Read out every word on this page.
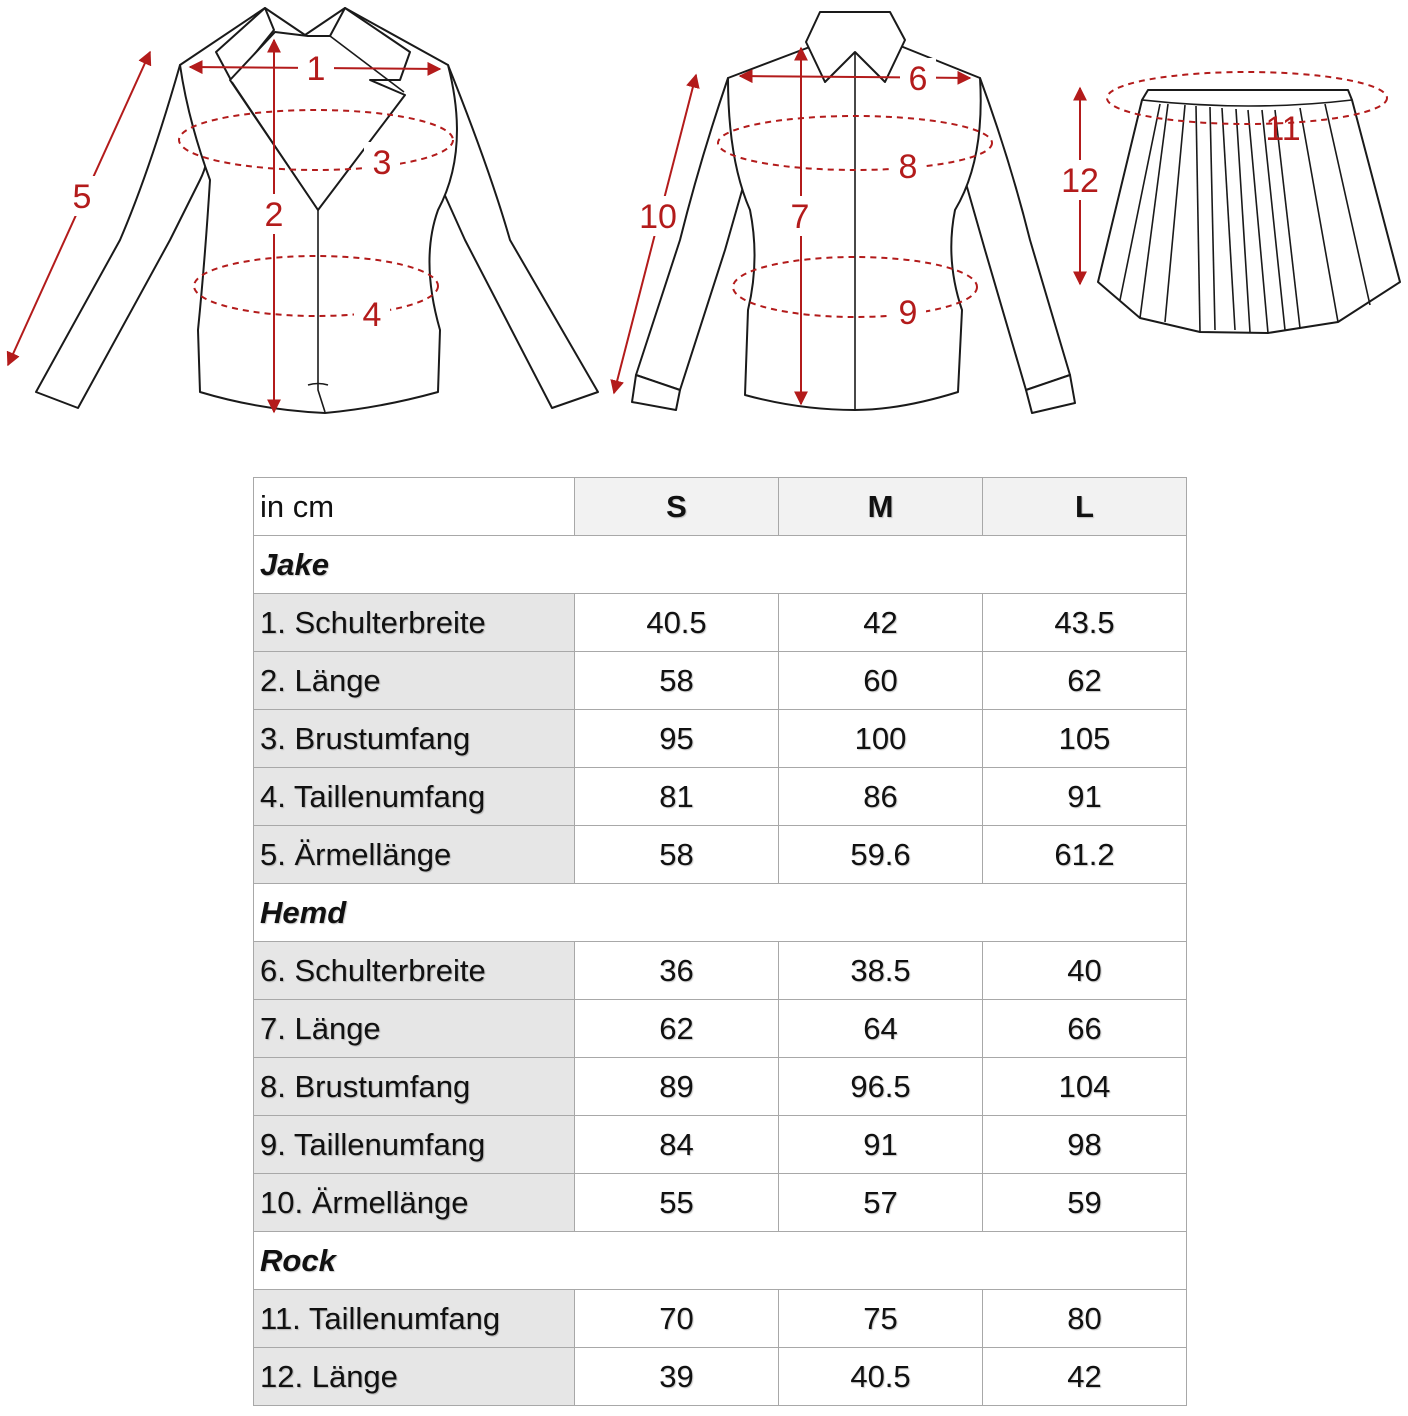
1
2
3
4
5
6
7
8
9
10
11
12
in cm	S	M	L
Jake			
1. Schulterbreite	40.5	42	43.5
2. Länge	58	60	62
3. Brustumfang	95	100	105
4. Taillenumfang	81	86	91
5. Ärmellänge	58	59.6	61.2
Hemd			
6. Schulterbreite	36	38.5	40
7. Länge	62	64	66
8. Brustumfang	89	96.5	104
9. Taillenumfang	84	91	98
10. Ärmellänge	55	57	59
Rock			
11. Taillenumfang	70	75	80
12. Länge	39	40.5	42
